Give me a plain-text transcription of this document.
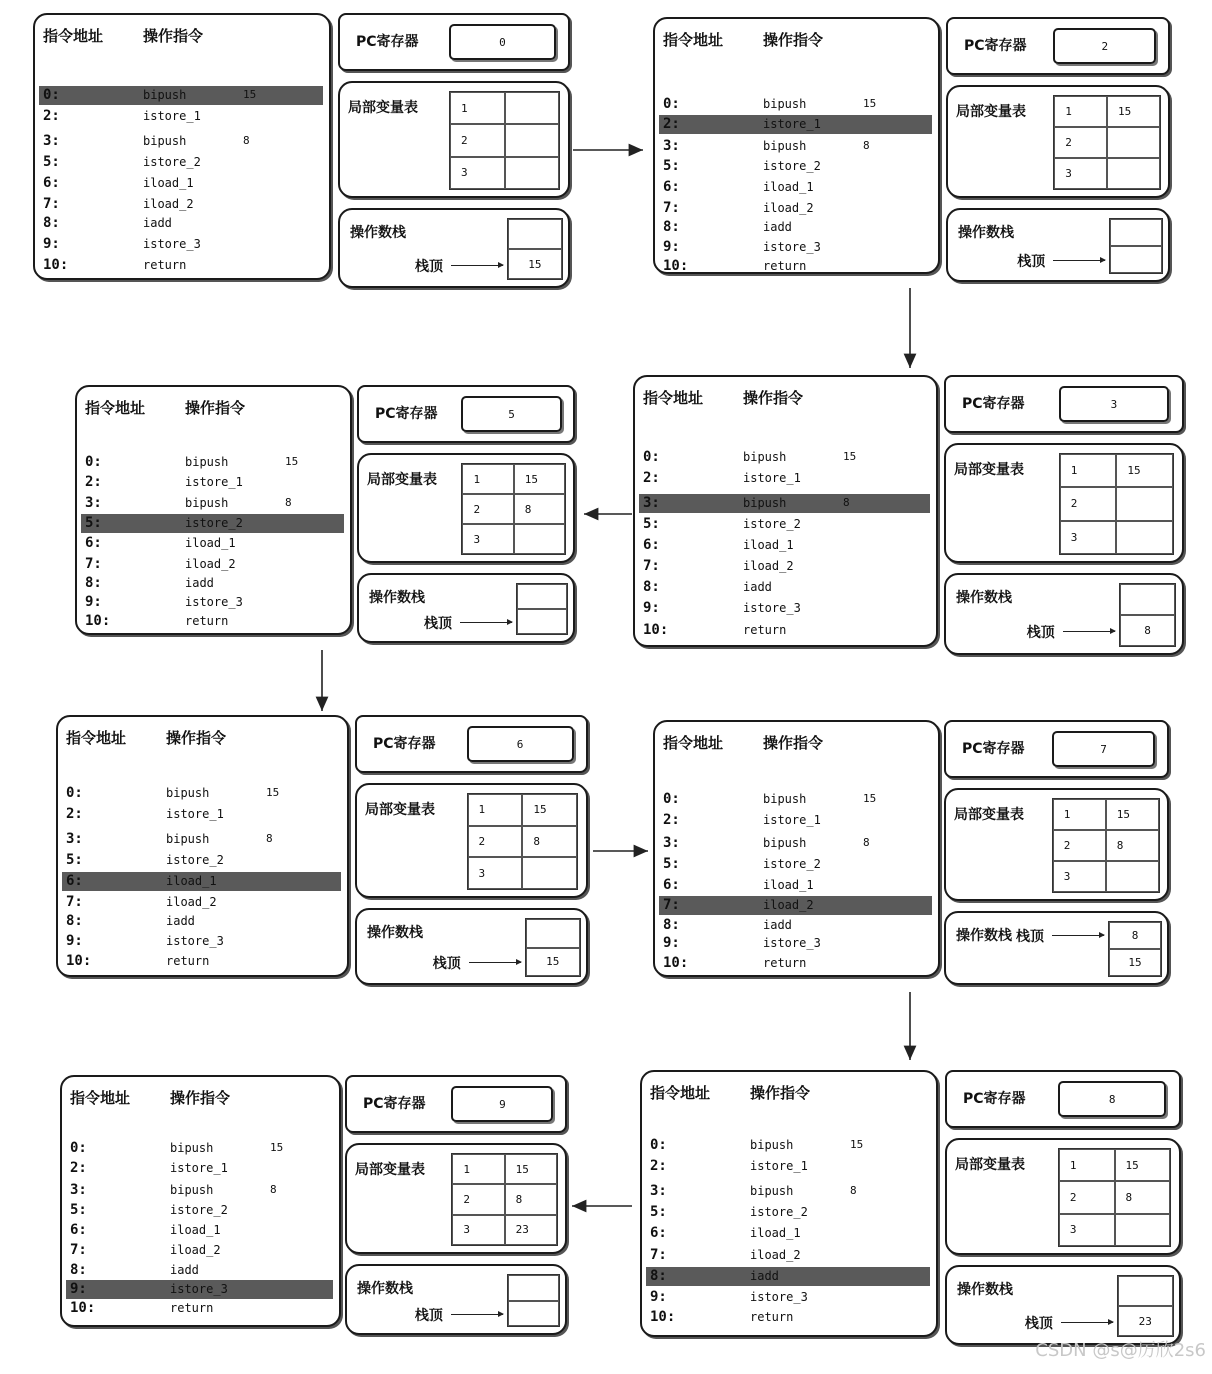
指令地址	操作指令
0:	bipush	15
2:	istore_1
3:	bipush	8
5:	istore_2
6:	iload_1
7:	iload_2
8:	iadd
9:	istore_3
10:	return
PC寄存器	0
局部变量表	1
2
3
操作数栈
15
栈顶
指令地址	操作指令
0:	bipush	15
2:	istore_1
3:	bipush	8
5:	istore_2
6:	iload_1
7:	iload_2
8:	iadd
9:	istore_3
10:	return
PC寄存器	2
局部变量表	1	15
2
3
操作数栈
栈顶
指令地址	操作指令
0:	bipush	15
2:	istore_1
3:	bipush	8
5:	istore_2
6:	iload_1
7:	iload_2
8:	iadd
9:	istore_3
10:	return
PC寄存器	3
局部变量表	1	15
2
3
操作数栈
8
栈顶
指令地址	操作指令
0:	bipush	15
2:	istore_1
3:	bipush	8
5:	istore_2
6:	iload_1
7:	iload_2
8:	iadd
9:	istore_3
10:	return
PC寄存器	5
局部变量表	1	15
2	8
3
操作数栈
栈顶
指令地址	操作指令
0:	bipush	15
2:	istore_1
3:	bipush	8
5:	istore_2
6:	iload_1
7:	iload_2
8:	iadd
9:	istore_3
10:	return
PC寄存器	6
局部变量表	1	15
2	8
3
操作数栈
15
栈顶
指令地址	操作指令
0:	bipush	15
2:	istore_1
3:	bipush	8
5:	istore_2
6:	iload_1
7:	iload_2
8:	iadd
9:	istore_3
10:	return
PC寄存器	7
局部变量表	1	15
2	8
3
操作数栈	8
15
栈顶
指令地址	操作指令
0:	bipush	15
2:	istore_1
3:	bipush	8
5:	istore_2
6:	iload_1
7:	iload_2
8:	iadd
9:	istore_3
10:	return
PC寄存器	8
局部变量表	1	15
2	8
3
操作数栈
23
栈顶
指令地址	操作指令
0:	bipush	15
2:	istore_1
3:	bipush	8
5:	istore_2
6:	iload_1
7:	iload_2
8:	iadd
9:	istore_3
10:	return
PC寄存器	9
局部变量表	1	15
2	8
3	23
操作数栈
栈顶
CSDN @s@厉欣2s6
